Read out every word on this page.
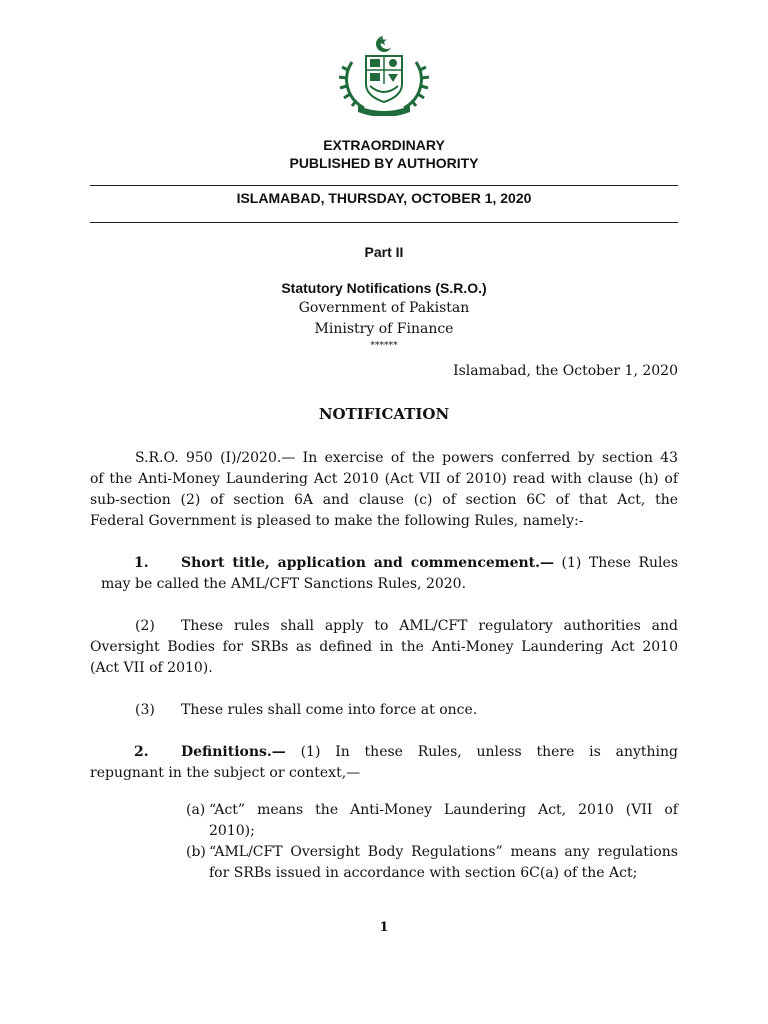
EXTRAORDINARY
PUBLISHED BY AUTHORITY
ISLAMABAD, THURSDAY, OCTOBER 1, 2020
Part II
Statutory Notifications (S.R.O.)
Government of Pakistan
Ministry of Finance
******
Islamabad, the October 1, 2020
NOTIFICATION
S.R.O. 950 (I)/2020.— In exercise of the powers conferred by section 43
of the Anti-Money Laundering Act 2010 (Act VII of 2010) read with clause (h) of
sub-section (2) of section 6A and clause (c) of section 6C of that Act, the
Federal Government is pleased to make the following Rules, namely:-
1. Short title, application and commencement.— (1) These Rules
may be called the AML/CFT Sanctions Rules, 2020.
(2) These rules shall apply to AML/CFT regulatory authorities and
Oversight Bodies for SRBs as defined in the Anti-Money Laundering Act 2010
(Act VII of 2010).
(3) These rules shall come into force at once.
2. Definitions.— (1) In these Rules, unless there is anything
repugnant in the subject or context,—
(a) “Act” means the Anti-Money Laundering Act, 2010 (VII of
2010);
(b) “AML/CFT Oversight Body Regulations” means any regulations
for SRBs issued in accordance with section 6C(a) of the Act;
1
